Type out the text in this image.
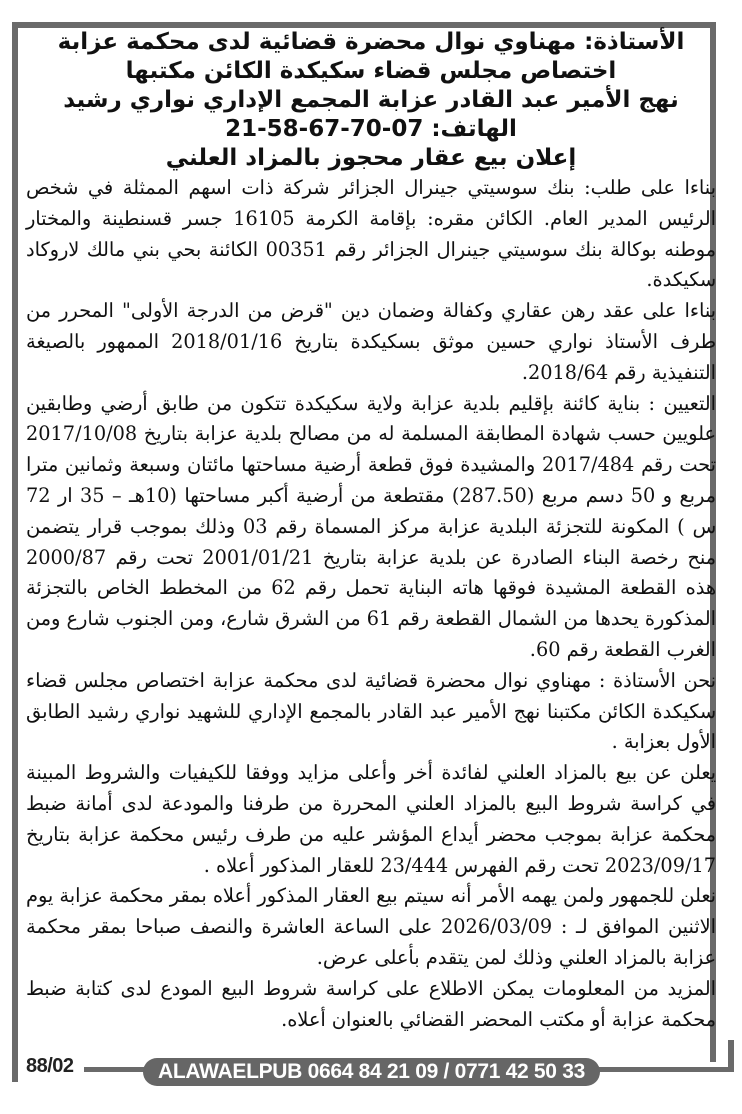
الأستاذة: مهناوي نوال محضرة قضائية لدى محكمة عزابة
اختصاص مجلس قضاء سكيكدة الكائن مكتبها
نهج الأمير عبد القادر عزابة المجمع الإداري نواري رشيد
الهاتف: 07-70-67-58-21
إعلان بيع عقار محجوز بالمزاد العلني

بناءا على طلب: بنك سوسيتي جينرال الجزائر شركة ذات اسهم الممثلة في شخص الرئيس المدير العام. الكائن مقره: بإقامة الكرمة 16105 جسر قسنطينة والمختار موطنه بوكالة بنك سوسيتي جينرال الجزائر رقم 00351 الكائنة بحي بني مالك لاروكاد سكيكدة.

بناءا على عقد رهن عقاري وكفالة وضمان دين "قرض من الدرجة الأولى" المحرر من طرف الأستاذ نواري حسين موثق بسكيكدة بتاريخ 2018/01/16 الممهور بالصيغة التنفيذية رقم 2018/64.

التعيين : بناية كائنة بإقليم بلدية عزابة ولاية سكيكدة تتكون من طابق أرضي وطابقين علويين حسب شهادة المطابقة المسلمة له من مصالح بلدية عزابة بتاريخ 2017/10/08 تحت رقم 2017/484 والمشيدة فوق قطعة أرضية مساحتها مائتان وسبعة وثمانين مترا مربع و 50 دسم مربع (287.50) مقتطعة من أرضية أكبر مساحتها (10هـ – 35 ار 72 س ) المكونة للتجزئة البلدية عزابة مركز المسماة رقم 03 وذلك بموجب قرار يتضمن منح رخصة البناء الصادرة عن بلدية عزابة بتاريخ 2001/01/21 تحت رقم 2000/87 هذه القطعة المشيدة فوقها هاته البناية تحمل رقم 62 من المخطط الخاص بالتجزئة المذكورة يحدها من الشمال القطعة رقم 61 من الشرق شارع، ومن الجنوب شارع ومن الغرب القطعة رقم 60.

نحن الأستاذة : مهناوي نوال محضرة قضائية لدى محكمة عزابة اختصاص مجلس قضاء سكيكدة الكائن مكتبنا نهج الأمير عبد القادر بالمجمع الإداري للشهيد نواري رشيد الطابق الأول بعزابة .

يعلن عن بيع بالمزاد العلني لفائدة أخر وأعلى مزايد ووفقا للكيفيات والشروط المبينة في كراسة شروط البيع بالمزاد العلني المحررة من طرفنا والمودعة لدى أمانة ضبط محكمة عزابة بموجب محضر أيداع المؤشر عليه من طرف رئيس محكمة عزابة بتاريخ 2023/09/17 تحت رقم الفهرس 23/444 للعقار المذكور أعلاه .

نعلن للجمهور ولمن يهمه الأمر أنه سيتم بيع العقار المذكور أعلاه بمقر محكمة عزابة يوم الاثنين الموافق لـ : 2026/03/09 على الساعة العاشرة والنصف صباحا بمقر محكمة عزابة بالمزاد العلني وذلك لمن يتقدم بأعلى عرض.

المزيد من المعلومات يمكن الاطلاع على كراسة شروط البيع المودع لدى كتابة ضبط محكمة عزابة أو مكتب المحضر القضائي بالعنوان أعلاه.

88/02	ALAWAELPUB 0664 84 21 09 / 0771 42 50 33
